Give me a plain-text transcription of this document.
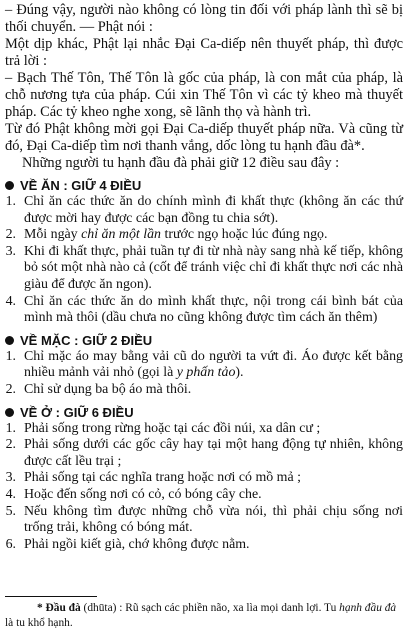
– Đúng vậy, người nào không có lòng tin đối với pháp lành thì sẽ bị thối chuyển. — Phật nói :

Một dịp khác, Phật lại nhắc Đại Ca-diếp nên thuyết pháp, thì được trả lời :

– Bạch Thế Tôn, Thế Tôn là gốc của pháp, là con mắt của pháp, là chỗ nương tựa của pháp. Cúi xin Thế Tôn vì các tỷ kheo mà thuyết pháp. Các tỷ kheo nghe xong, sẽ lãnh thọ và hành trì.

Từ đó Phật không mời gọi Đại Ca-diếp thuyết pháp nữa. Và cũng từ đó, Đại Ca-diếp tìm nơi thanh vắng, dốc lòng tu hạnh đầu đà*.

Những người tu hạnh đầu đà phải giữ 12 điều sau đây :

VỀ ĂN : GIỮ 4 ĐIỀU
1. Chỉ ăn các thức ăn do chính mình đi khất thực (không ăn các thứ được mời hay được các bạn đồng tu chia sớt).
2. Mỗi ngày chỉ ăn một lần trước ngọ hoặc lúc đúng ngọ.
3. Khi đi khất thực, phải tuần tự đi từ nhà này sang nhà kế tiếp, không bỏ sót một nhà nào cả (cốt để tránh việc chỉ đi khất thực nơi các nhà giàu để được ăn ngon).
4. Chỉ ăn các thức ăn do mình khất thực, nội trong cái bình bát của mình mà thôi (dầu chưa no cũng không được tìm cách ăn thêm)
VỀ MẶC : GIỮ 2 ĐIỀU
1. Chỉ mặc áo may bằng vải cũ do người ta vứt đi. Áo được kết bằng nhiều mảnh vải nhỏ (gọi là y phấn tảo).
2. Chỉ sử dụng ba bộ áo mà thôi.
VỀ Ở : GIỮ 6 ĐIỀU
1. Phải sống trong rừng hoặc tại các đồi núi, xa dân cư ;
2. Phải sống dưới các gốc cây hay tại một hang động tự nhiên, không được cất lều trại ;
3. Phải sống tại các nghĩa trang hoặc nơi có mồ mả ;
4. Hoặc đến sống nơi có cỏ, có bóng cây che.
5. Nếu không tìm được những chỗ vừa nói, thì phải chịu sống nơi trống trải, không có bóng mát.
6. Phải ngồi kiết già, chớ không được nằm.
* Đầu đà (dhūta) : Rũ sạch các phiền não, xa lìa mọi danh lợi. Tu hạnh đầu đà là tu khổ hạnh.
